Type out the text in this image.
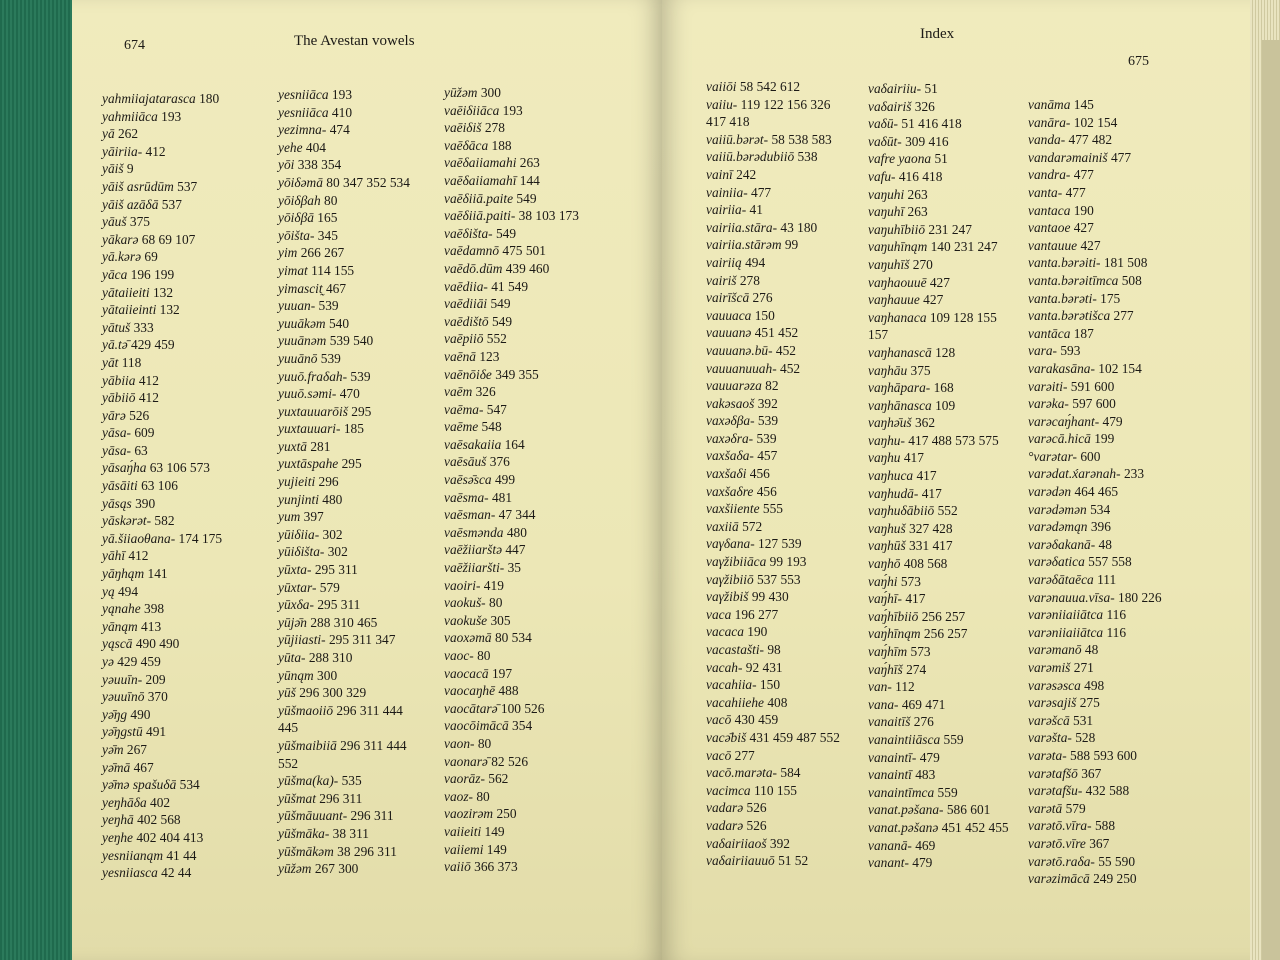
674	The Avestan vowels
yahmiiajatarasca 180
yahmiiāca 193
yā 262
yāiriia- 412
yāiš 9
yāiš asrūdūm 537
yāiš azāδā 537
yāuš 375
yākarə 68 69 107
yā.kərə 69
yāca 196 199
yātaiieiti 132
yātaiieinti 132
yātuš 333
yā.tə̄ 429 459
yāt 118
yābiia 412
yābiiō 412
yārə 526
yāsa- 609
yāsa- 63
yāsaŋ́ha 63 106 573
yāsāiti 63 106
yāsąs 390
yāskərət- 582
yā.šiiaoθana- 174 175
yāhī 412
yāŋhąm 141
yą 494
yąnahe 398
yānąm 413
yąscā 490 490
yə 429 459
yəuuīn- 209
yəuuīnō 370
yə̄ŋg 490
yə̄ŋgstū 491
yə̄m 267
yə̄mā 467
yə̄mə spašuδā 534
yeŋhāδa 402
yeŋhā 402 568
yeŋhe 402 404 413
yesniianąm 41 44
yesniiasca 42 44
yesniiāca 193
yesniiāca 410
yezimna- 474
yehe 404
yōi 338 354
yōiδəmā 80 347 352 534
yōiδβah 80
yōiδβā 165
yōišta- 345
yim 266 267
yimat 114 155
yimascit̰ 467
yuuan- 539
yuuākəm 540
yuuānəm 539 540
yuuānō 539
yuuō.fraδah- 539
yuuō.səmi- 470
yuxtauuarōiš 295
yuxtauuari- 185
yuxtā 281
yuxtāspahe 295
yujieiti 296
yunjinti 480
yum 397
yūiδiia- 302
yūiδišta- 302
yūxta- 295 311
yūxtar- 579
yūxδa- 295 311
yūjə̄n 288 310 465
yūjiiasti- 295 311 347
yūta- 288 310
yūnąm 300
yūš 296 300 329
yūšmaoiiō 296 311 444
445
yūšmaibiiā 296 311 444
552
yūšma(ka)- 535
yūšmat 296 311
yūšmāuuant- 296 311
yūšmāka- 38 311
yūšmākəm 38 296 311
yūžəm 267 300
yūžəm 300
vaēiδiiāca 193
vaēiδiš 278
vaēδāca 188
vaēδaiiamahi 263
vaēδaiiamahī 144
vaēδiiā.paite 549
vaēδiiā.paiti- 38 103 173
vaēδišta- 549
vaēdamnō 475 501
vaēdō.dūm 439 460
vaēdiia- 41 549
vaēdiiāi 549
vaēdištō 549
vaēpiiō 552
vaēnā 123
vaēnōiδe 349 355
vaēm 326
vaēma- 547
vaēme 548
vaēsakaiia 164
vaēsāuš 376
vaēsə̄sca 499
vaēsma- 481
vaēsman- 47 344
vaēsmənda 480
vaēžiiarštə 447
vaēžiiaršti- 35
vaoiri- 419
vaokuš- 80
vaokuše 305
vaoxəmā 80 534
vaoc- 80
vaocacā 197
vaocaŋhē 488
vaocātarə̄ 100 526
vaocōimācā 354
vaon- 80
vaonarə̄ 82 526
vaorāz- 562
vaoz- 80
vaozirəm 250
vaiieiti 149
vaiiemi 149
vaiiō 366 373
Index
675
vaiiōi 58 542 612
vaiiu- 119 122 156 326
417 418
vaiiū.bərət- 58 538 583
vaiiū.bərədubiiō 538
vainī 242
vainiia- 477
vairiia- 41
vairiia.stāra- 43 180
vairiia.stārəm 99
vairiią 494
vairiš 278
vairīšcā 276
vauuaca 150
vauuanə 451 452
vauuanə.bū- 452
vauuanuuah- 452
vauuarəza 82
vakəsaoš 392
vaxəδβa- 539
vaxəδra- 539
vaxšaδa- 457
vaxšaδi 456
vaxšaδre 456
vaxšiiente 555
vaxiiā 572
vaγδana- 127 539
vaγžibiiāca 99 193
vaγžibiiō 537 553
vaγžibiš 99 430
vaca 196 277
vacaca 190
vacastašti- 98
vacah- 92 431
vacahiia- 150
vacahiiehe 408
vacō 430 459
vacə̄biš 431 459 487 552
vacō 277
vacō.marəta- 584
vacimca 110 155
vadarə 526
vadarə 526
vaδairiiaoš 392
vaδairiiauuō 51 52
vaδairiiu- 51
vaδairiš 326
vaδū- 51 416 418
vaδūt- 309 416
vafre yaona 51
vafu- 416 418
vaŋuhi 263
vaŋuhī 263
vaŋuhībiiō 231 247
vaŋuhīnąm 140 231 247
vaŋuhīš 270
vaŋhaouuē 427
vaŋhauue 427
vaŋhanaca 109 128 155
157
vaŋhanascā 128
vaŋhāu 375
vaŋhāpara- 168
vaŋhānasca 109
vaŋhə̄uš 362
vaŋhu- 417 488 573 575
vaŋhu 417
vaŋhuca 417
vaŋhudā- 417
vaŋhuδābiiō 552
vaŋhuš 327 428
vaŋhūš 331 417
vaŋhō 408 568
vaŋ́hi 573
vaŋ́hī- 417
vaŋ́hībiiō 256 257
vaŋ́hīnąm 256 257
vaŋ́hīm 573
vaŋ́hīš 274
van- 112
vana- 469 471
vanaitīš 276
vanaintiiāsca 559
vanaintī- 479
vanaintī 483
vanaintīmca 559
vanat.pəšana- 586 601
vanat.pəšanə 451 452 455
vananā- 469
vanant- 479
vanāma 145
vanāra- 102 154
vanda- 477 482
vandarəmainiš 477
vandra- 477
vanta- 477
vantaca 190
vantaoe 427
vantauue 427
vanta.bərəiti- 181 508
vanta.bərəitīmca 508
vanta.bərəti- 175
vanta.bərətišca 277
vantāca 187
vara- 593
varakasāna- 102 154
varəiti- 591 600
varəka- 597 600
varəcaŋ́hant- 479
varəcā.hicā 199
°varətar- 600
varədat.x́arənah- 233
varədən 464 465
varədəmən 534
varədəmąn 396
varəδakanā- 48
varəδatica 557 558
varəδātaēca 111
varənauua.vīsa- 180 226
varəniiaiiātca 116
varəniiaiiātca 116
varəmanō 48
varəmiš 271
varəsəsca 498
varəsajiš 275
varəšcā 531
varəšta- 528
varəta- 588 593 600
varətafšō 367
varətafšu- 432 588
varətā 579
varətō.vīra- 588
varətō.vīre 367
varətō.raδa- 55 590
varəzimācā 249 250
